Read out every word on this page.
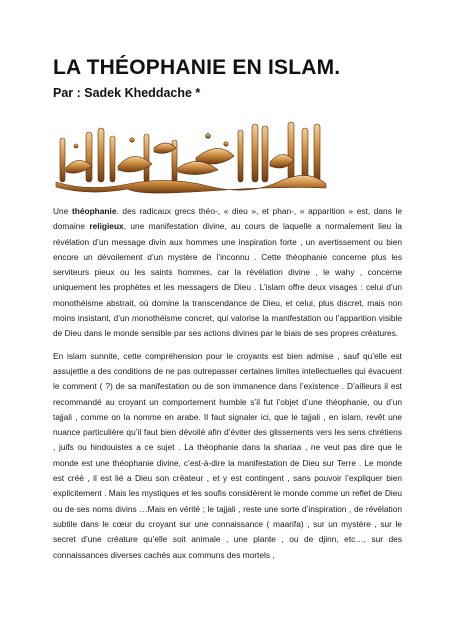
LA THÉOPHANIE EN ISLAM.
Par : Sadek Kheddache *

Une théophanie. des radicaux grecs théo-, « dieu », et phan-, « apparition » est, dans le domaine religieux, une manifestation divine, au cours de laquelle a normalement lieu la révélation d’un message divin aux hommes une inspiration forte , un avertissement ou bien encore un dévoilement d’un mystère de l’inconnu . Cette théophanie concerne plus les serviteurs pieux ou les saints hommes, car la révélation divine , le wahy , concerne uniquement les prophètes et les messagers de Dieu . L’islam offre deux visages : celui d’un monothéisme abstrait, où domine la transcendance de Dieu, et celui, plus discret, mais non moins insistant, d’un monothéisme concret, qui valorise la manifestation ou l’apparition visible de Dieu dans le monde sensible par ses actions divines par le biais de ses propres créatures.

En islam sunnite, cette compréhension pour le croyants est bien admise , sauf qu’elle est assujettie a des conditions de ne pas outrepasser certaines limites intellectuelles qui évacuent le comment ( ?) de sa manifestation ou de son immanence dans l’existence . D’ailleurs il est recommandé au croyant un comportement humble s’il fut l’objet d’une théophanie, ou d’un tajjali , comme on la nomme en arabe. Il faut signaler ici, que le tajjali , en islam, revêt une nuance particulière qu’il faut bien dévoilé afin d’éviter des glissements vers les sens chrétiens , juifs ou hindouistes a ce sujet . La théophanie dans la shariaa , ne veut pas dire que le monde est une théophanie divine, c’est-à-dire la manifestation de Dieu sur Terre . Le monde est créé , il est lié a Dieu son créateur , et y est contingent , sans pouvoir l’expliquer bien explicitement . Mais les mystiques et les soufis considèrent le monde comme un reflet de Dieu ou de ses noms divins …Mais en vérité ; le tajjali , reste une sorte d’inspiration , de révélation subtile dans le cœur du croyant sur une connaissance ( maarifa) , sur un mystère , sur le secret d’une créature qu’elle soit animale , une plante , ou de djinn, etc…, sur des connaissances diverses cachés aux communs des mortels ,
